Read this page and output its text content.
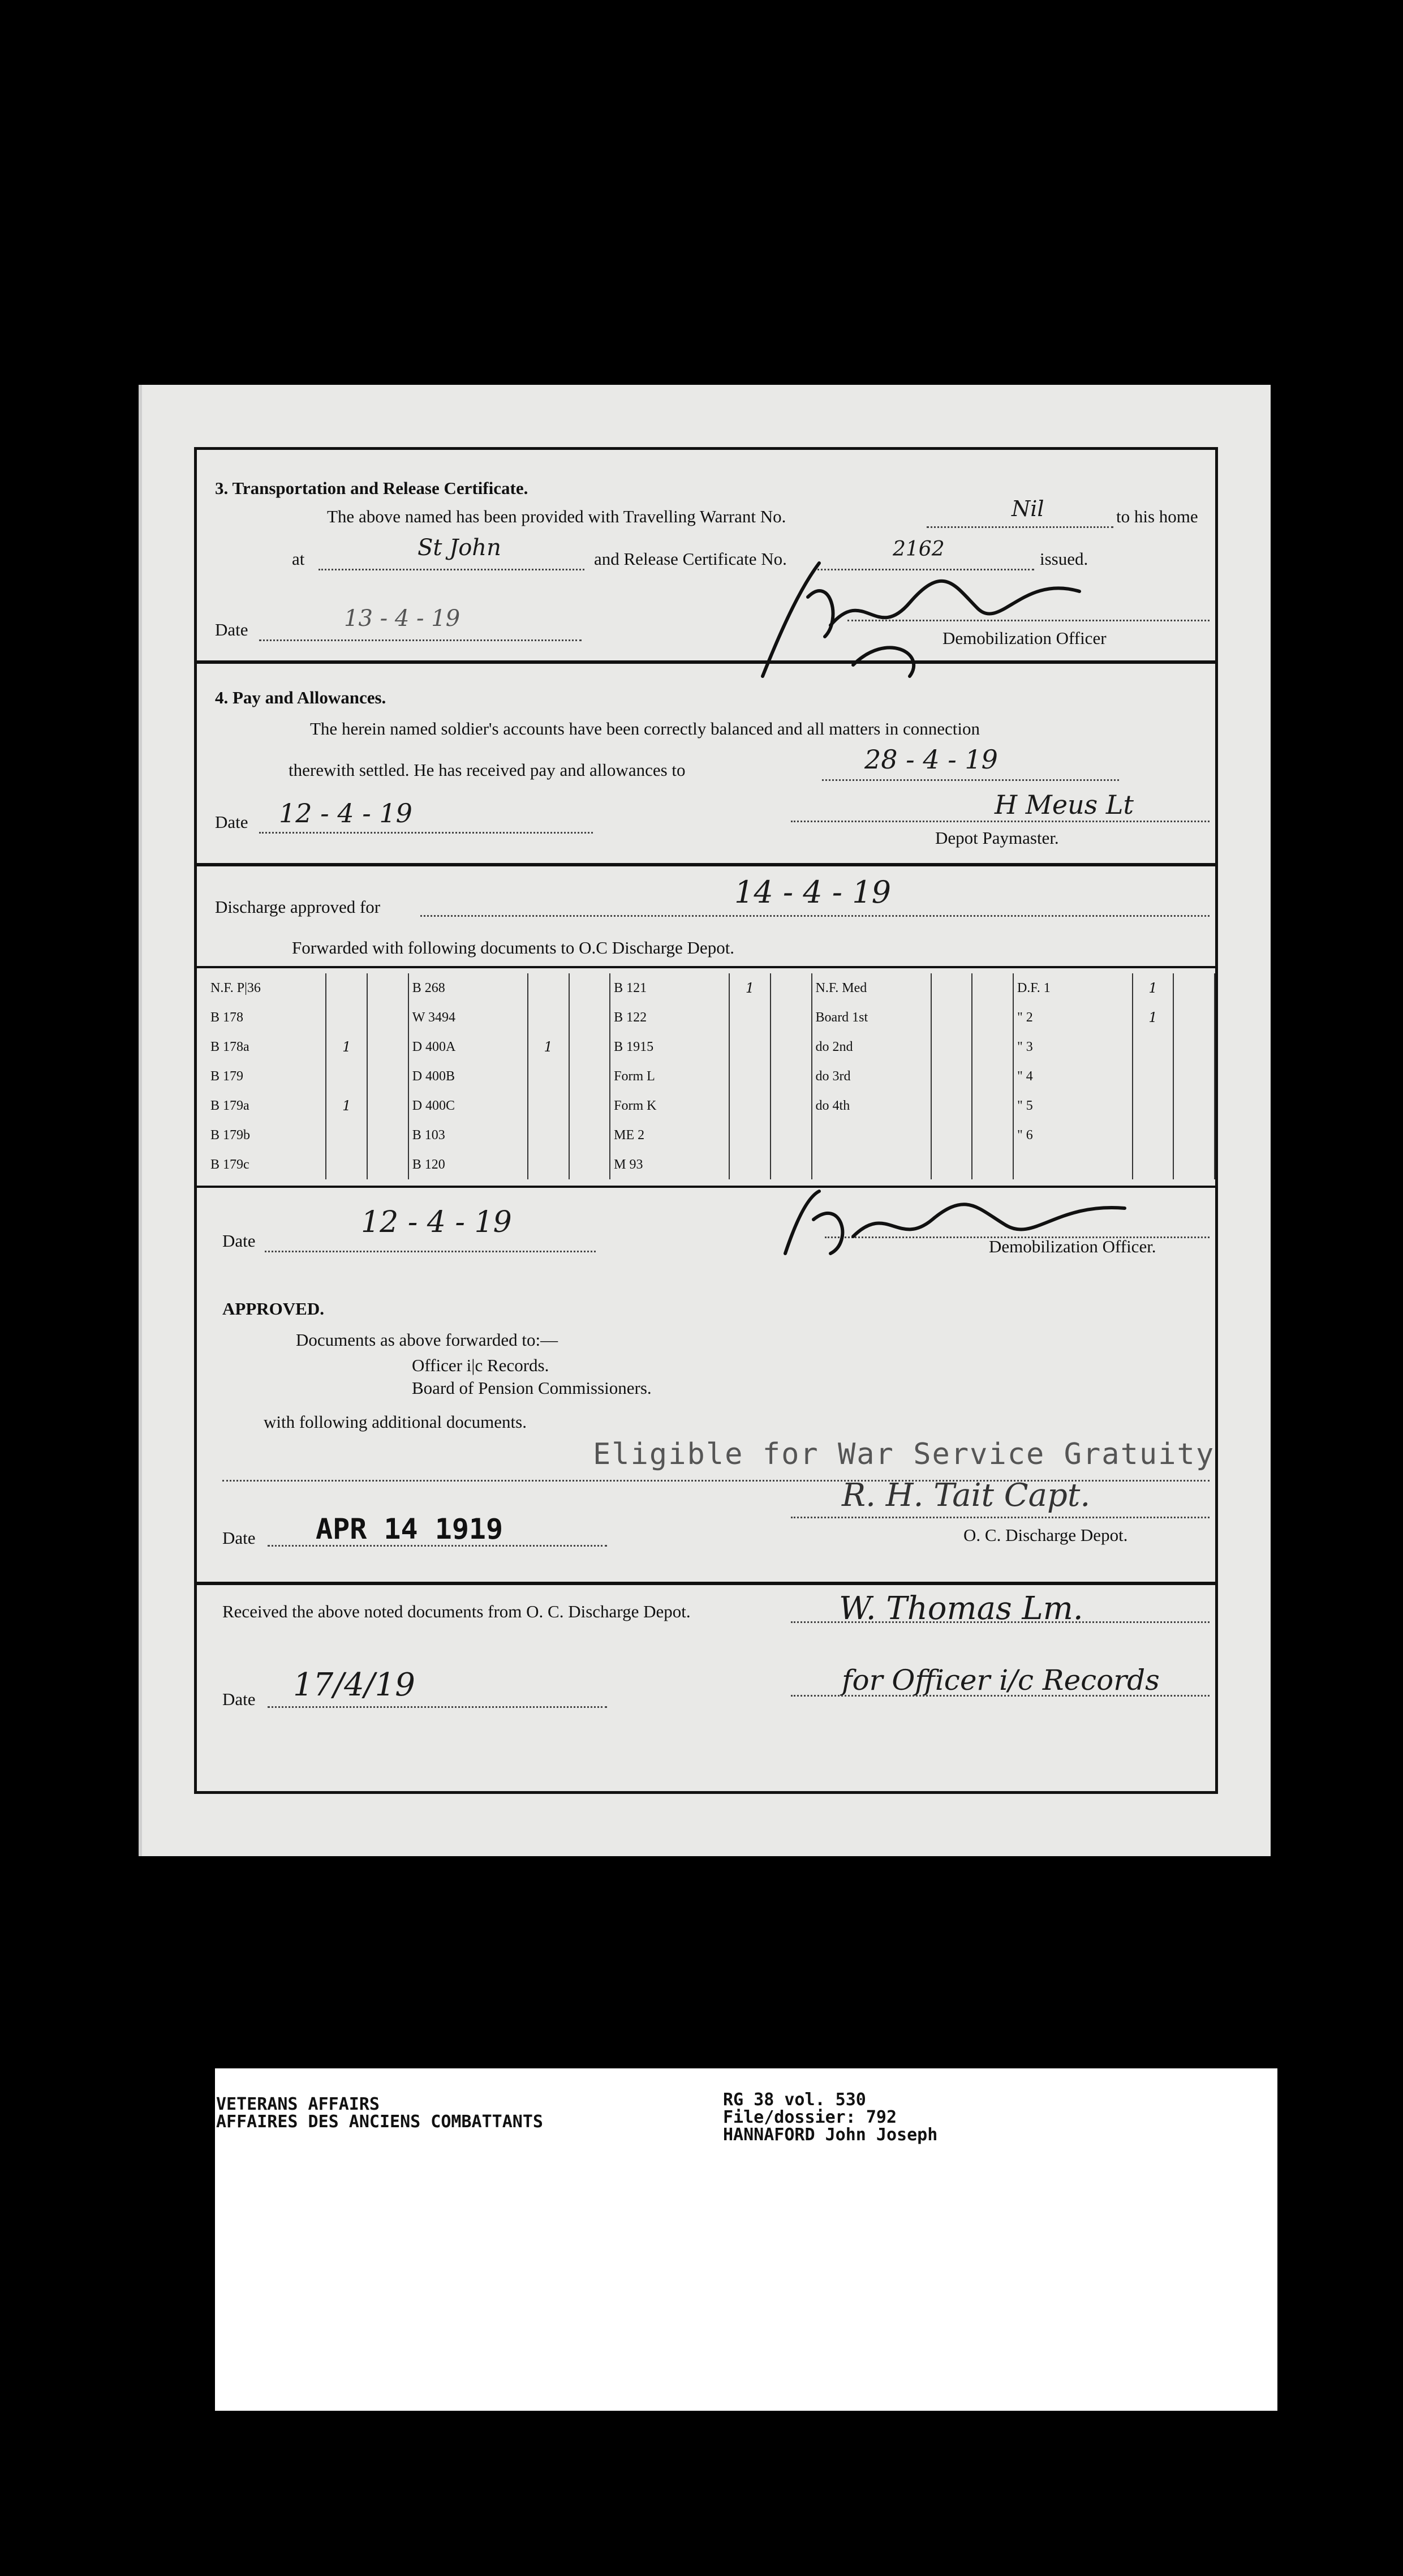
3. Transportation and Release Certificate.
The above named has been provided with Travelling Warrant No.	Nil	to his home
at	St John	and Release Certificate No.	2162	issued.
Date	13 - 4 - 19
Demobilization Officer
4. Pay and Allowances.
The herein named soldier's accounts have been correctly balanced and all matters in connection
therewith settled. He has received pay and allowances to	28 - 4 - 19
Date 12 - 4 - 19	H Meus Lt
Depot Paymaster.
Discharge approved for	14 - 4 - 19
Forwarded with following documents to O.C Discharge Depot.
N.F. P|36			B 268			B 121	1		N.F. Med			D.F. 1	1	
B 178			W 3494			B 122			Board 1st			" 2	1	
B 178a	1		D 400A	1		B 1915			do 2nd			" 3		
B 179			D 400B			Form L			do 3rd			" 4		
B 179a	1		D 400C			Form K			do 4th			" 5		
B 179b			B 103			ME 2						" 6		
B 179c			B 120			M 93								
Date
12 - 4 - 19
Demobilization Officer.
APPROVED.
Documents as above forwarded to:—
Officer i|c Records.
Board of Pension Commissioners.
with following additional documents.
Eligible for War Service Gratuity
R. H. Tait Capt.
O. C. Discharge Depot.
Date APR 14 1919
Received the above noted documents from O. C. Discharge Depot.	W. Thomas Lm.
for Officer i/c Records
Date 17/4/19
VETERANS AFFAIRS
AFFAIRES DES ANCIENS COMBATTANTS
RG 38 vol. 530
File/dossier: 792
HANNAFORD John Joseph
